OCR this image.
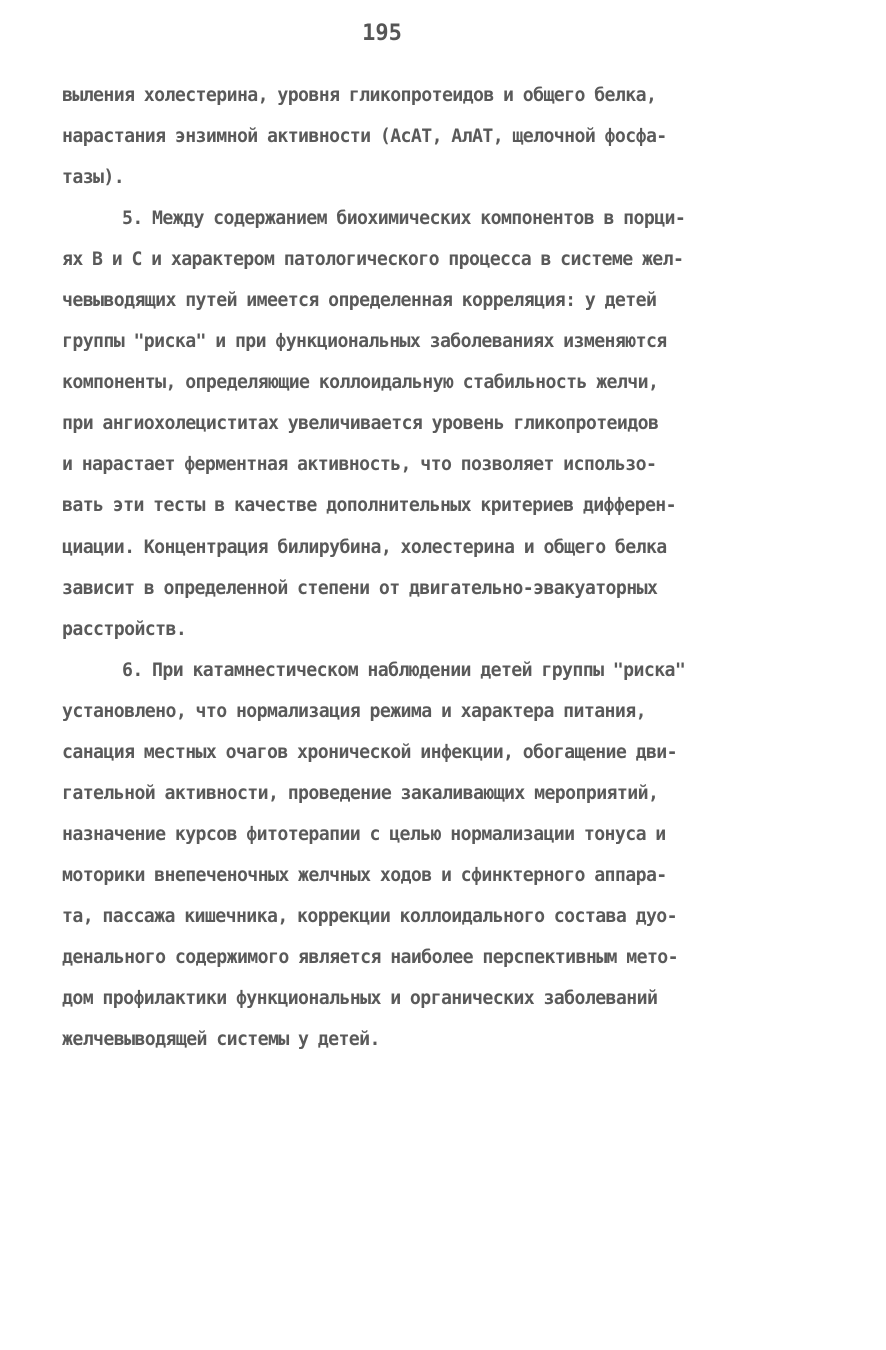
195
выления холестерина, уровня гликопротеидов и общего белка,
нарастания энзимной активности (АсАТ, АлАТ, щелочной фосфа-
тазы).
5. Между содержанием биохимических компонентов в порци-
ях В и С и характером патологического процесса в системе жел-
чевыводящих путей имеется определенная корреляция: у детей
группы "риска" и при функциональных заболеваниях изменяются
компоненты, определяющие коллоидальную стабильность желчи,
при ангиохолециститах увеличивается уровень гликопротеидов
и нарастает ферментная активность, что позволяет использо-
вать эти тесты в качестве дополнительных критериев дифферен-
циации. Концентрация билирубина, холестерина и общего белка
зависит в определенной степени от двигательно-эвакуаторных
расстройств.
6. При катамнестическом наблюдении детей группы "риска"
установлено, что нормализация режима и характера питания,
санация местных очагов хронической инфекции, обогащение дви-
гательной активности, проведение закаливающих мероприятий,
назначение курсов фитотерапии с целью нормализации тонуса и
моторики внепеченочных желчных ходов и сфинктерного аппара-
та, пассажа кишечника, коррекции коллоидального состава дуо-
денального содержимого является наиболее перспективным мето-
дом профилактики функциональных и органических заболеваний
желчевыводящей системы у детей.
